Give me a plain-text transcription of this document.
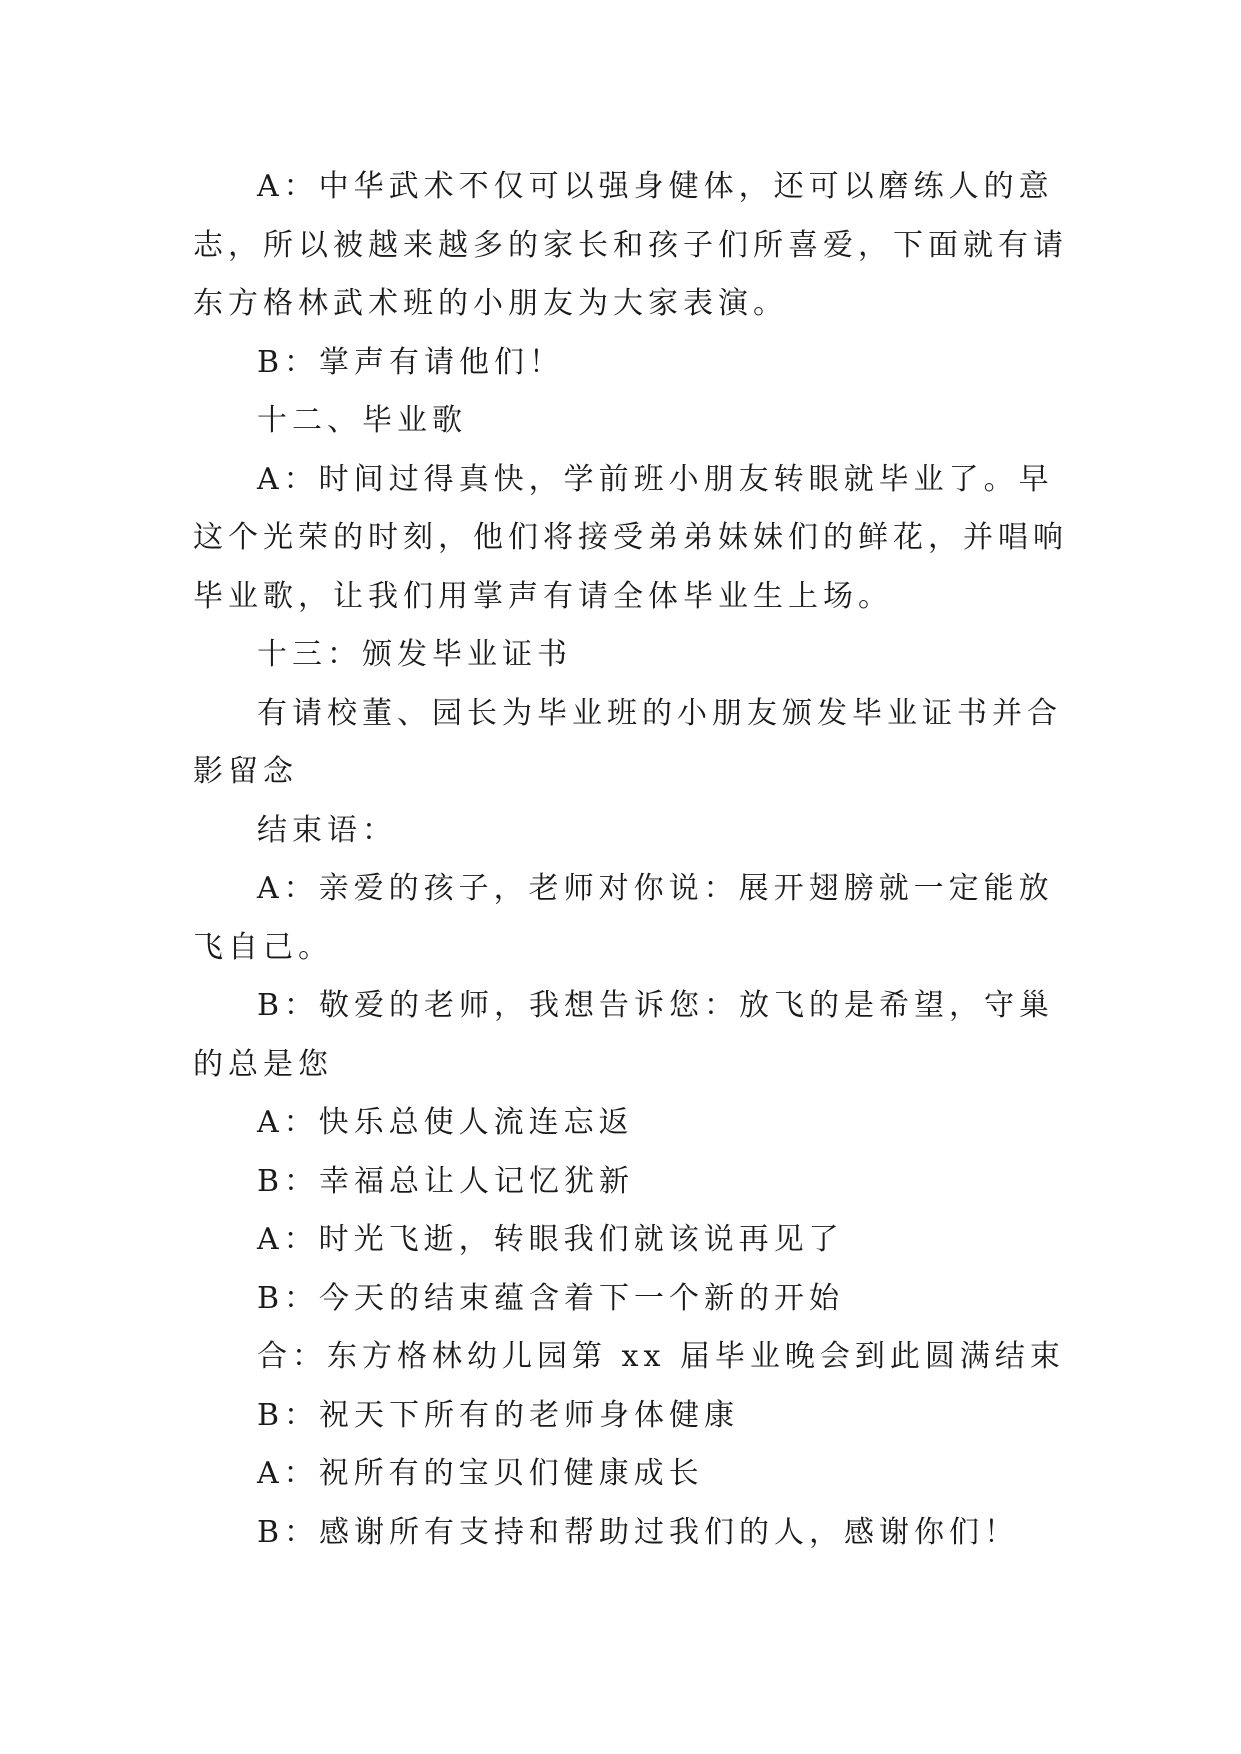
A：中华武术不仅可以强身健体，还可以磨练人的意志，所以被越来越多的家长和孩子们所喜爱，下面就有请东方格林武术班的小朋友为大家表演。

B：掌声有请他们！

十二、毕业歌

A：时间过得真快，学前班小朋友转眼就毕业了。早这个光荣的时刻，他们将接受弟弟妹妹们的鲜花，并唱响毕业歌，让我们用掌声有请全体毕业生上场。

十三：颁发毕业证书

有请校董、园长为毕业班的小朋友颁发毕业证书并合影留念

结束语：

A：亲爱的孩子，老师对你说：展开翅膀就一定能放飞自己。

B：敬爱的老师，我想告诉您：放飞的是希望，守巢的总是您

A：快乐总使人流连忘返

B：幸福总让人记忆犹新

A：时光飞逝，转眼我们就该说再见了

B：今天的结束蕴含着下一个新的开始

合：东方格林幼儿园第 xx 届毕业晚会到此圆满结束

B：祝天下所有的老师身体健康

A：祝所有的宝贝们健康成长

B：感谢所有支持和帮助过我们的人，感谢你们！
